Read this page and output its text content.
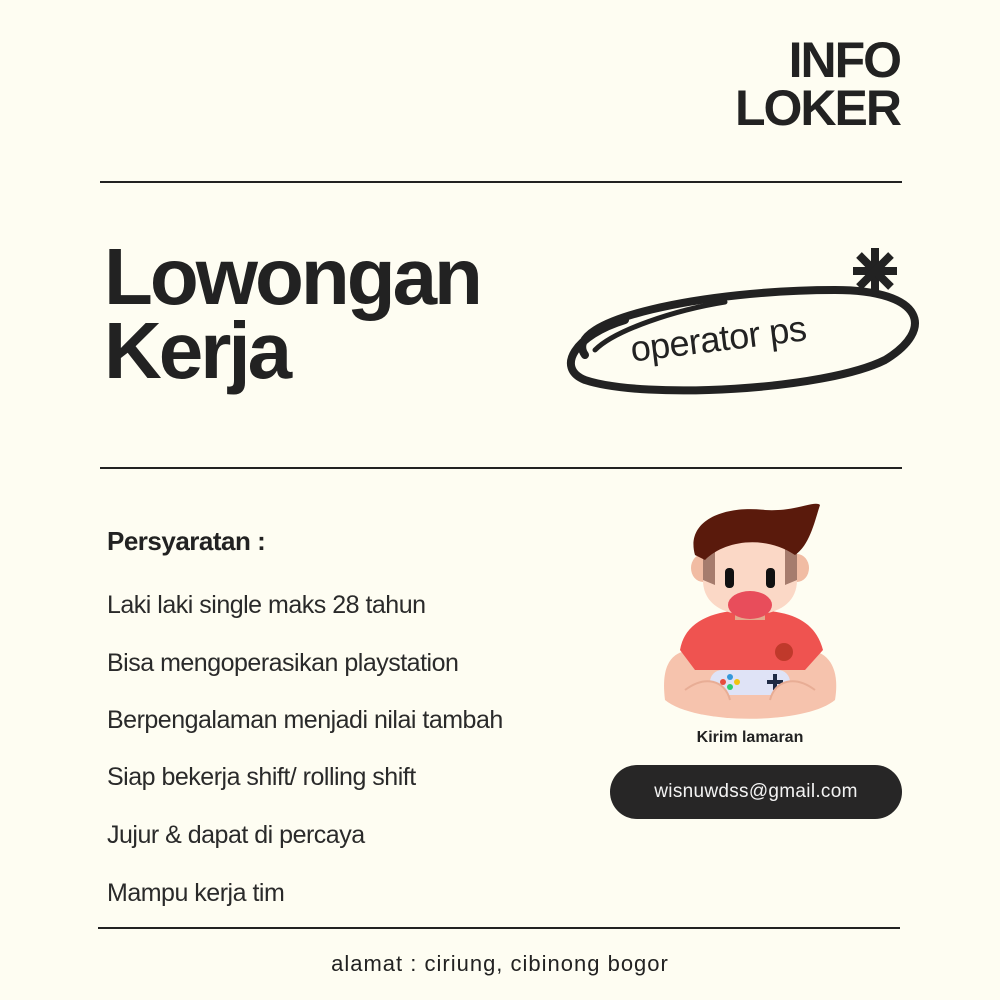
INFO
LOKER
Lowongan
Kerja	operator ps
Persyaratan :
Laki laki single maks 28 tahun
Bisa mengoperasikan playstation
Berpengalaman menjadi nilai tambah
Siap bekerja shift/ rolling shift
Jujur & dapat di percaya
Mampu kerja tim
Kirim lamaran
wisnuwdss@gmail.com
alamat : ciriung, cibinong bogor
